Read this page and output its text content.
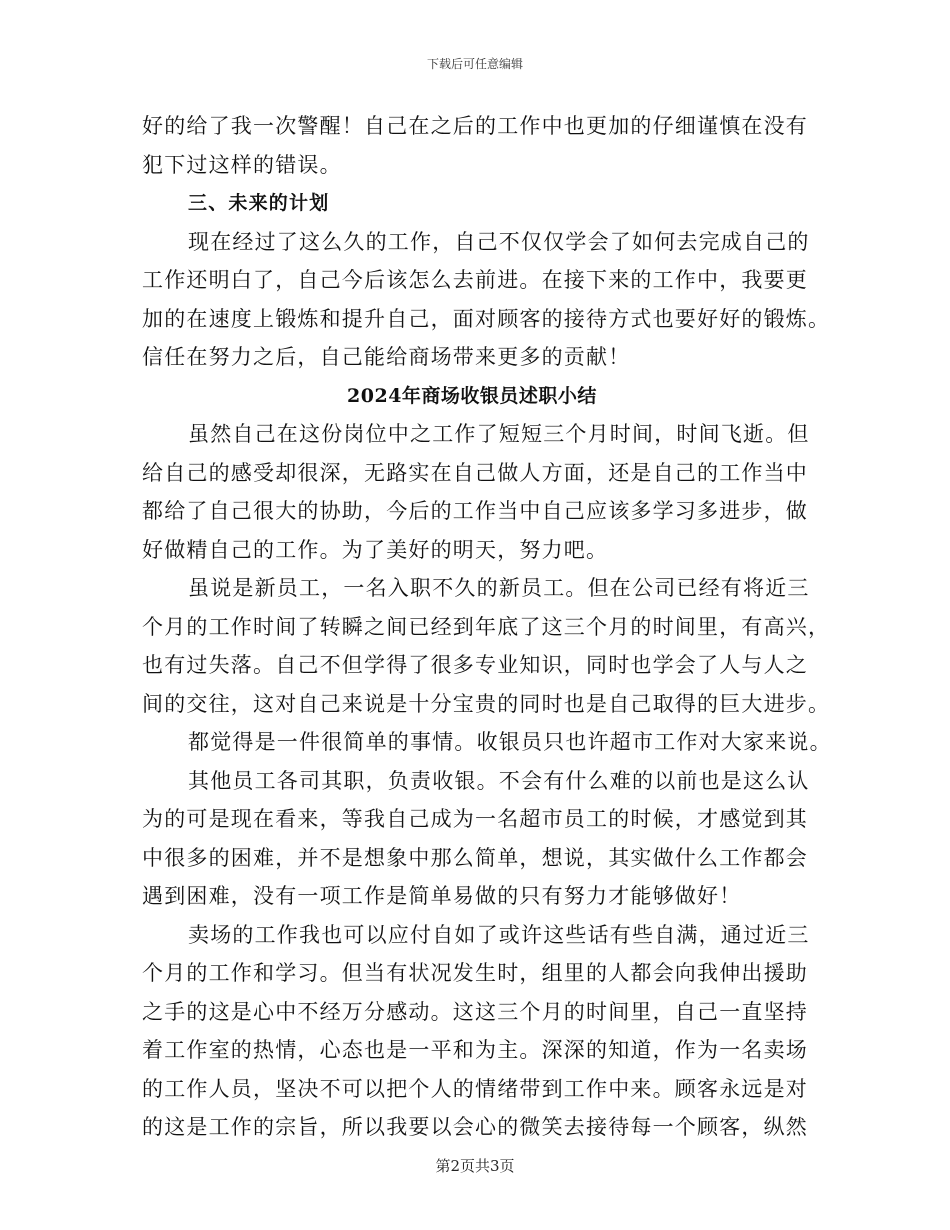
下载后可任意编辑
好的给了我一次警醒！自己在之后的工作中也更加的仔细谨慎在没有
犯下过这样的错误。
三、未来的计划
现在经过了这么久的工作，自己不仅仅学会了如何去完成自己的
工作还明白了，自己今后该怎么去前进。在接下来的工作中，我要更
加的在速度上锻炼和提升自己，面对顾客的接待方式也要好好的锻炼。
信任在努力之后，自己能给商场带来更多的贡献！
2024年商场收银员述职小结
虽然自己在这份岗位中之工作了短短三个月时间，时间飞逝。但
给自己的感受却很深，无路实在自己做人方面，还是自己的工作当中
都给了自己很大的协助，今后的工作当中自己应该多学习多进步，做
好做精自己的工作。为了美好的明天，努力吧。
虽说是新员工，一名入职不久的新员工。但在公司已经有将近三
个月的工作时间了转瞬之间已经到年底了这三个月的时间里，有高兴，
也有过失落。自己不但学得了很多专业知识，同时也学会了人与人之
间的交往，这对自己来说是十分宝贵的同时也是自己取得的巨大进步。
都觉得是一件很简单的事情。收银员只也许超市工作对大家来说。
其他员工各司其职，负责收银。不会有什么难的以前也是这么认
为的可是现在看来，等我自己成为一名超市员工的时候，才感觉到其
中很多的困难，并不是想象中那么简单，想说，其实做什么工作都会
遇到困难，没有一项工作是简单易做的只有努力才能够做好！
卖场的工作我也可以应付自如了或许这些话有些自满，通过近三
个月的工作和学习。但当有状况发生时，组里的人都会向我伸出援助
之手的这是心中不经万分感动。这这三个月的时间里，自己一直坚持
着工作室的热情，心态也是一平和为主。深深的知道，作为一名卖场
的工作人员，坚决不可以把个人的情绪带到工作中来。顾客永远是对
的这是工作的宗旨，所以我要以会心的微笑去接待每一个顾客，纵然
第2页共3页
